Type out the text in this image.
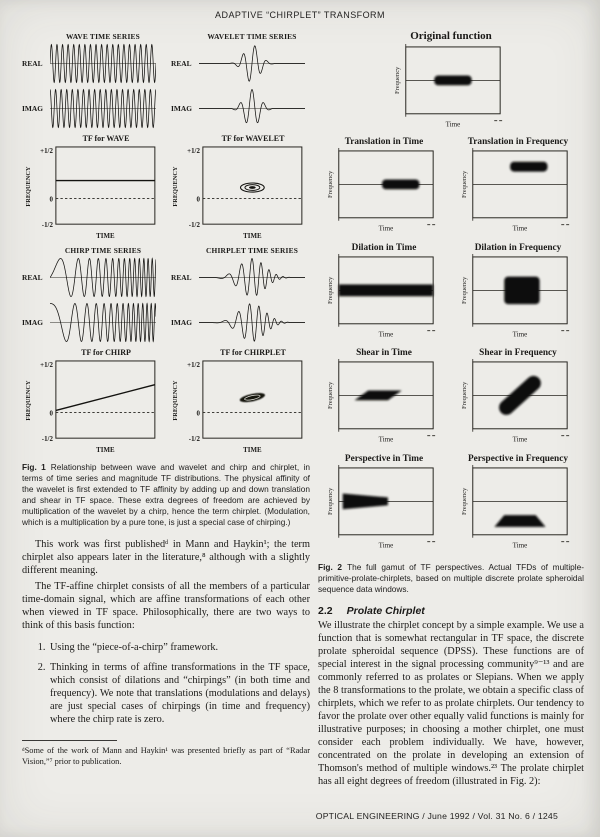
ADAPTIVE “CHIRPLET” TRANSFORM
WAVE TIME SERIES
REAL
IMAG
WAVELET TIME SERIES
REAL
IMAG
TF for WAVE
+1/2
0
-1/2
FREQUENCY
TIME
TF for WAVELET
+1/2
0
-1/2
FREQUENCY
TIME
CHIRP TIME SERIES
REAL
IMAG
CHIRPLET TIME SERIES
REAL
IMAG
TF for CHIRP
+1/2
0
-1/2
FREQUENCY
TIME
TF for CHIRPLET
+1/2
0
-1/2
FREQUENCY
TIME

Fig. 1 Relationship between wave and wavelet and chirp and chirplet, in terms of time series and magnitude TF distributions. The physical affinity of the wavelet is first extended to TF affinity by adding up and down translation and shear in TF space. These extra degrees of freedom are achieved by multiplication of the wavelet by a chirp, hence the term chirplet. (Modulation, which is a multiplication by a pure tone, is just a special case of chirping.)

This work was first publishedᵈ in Mann and Haykin¹; the term chirplet also appears later in the literature,⁸ although with a slightly different meaning.

The TF-affine chirplet consists of all the members of a particular time-domain signal, which are affine transformations of each other when viewed in TF space. Philosophically, there are two ways to think of this basis function:

1. Using the “piece-of-a-chirp” framework.
2. Thinking in terms of affine transformations in the TF space, which consist of dilations and “chirpings” (in both time and frequency). We note that translations (modulations and delays) are just special cases of chirpings (in time and frequency) where the chirp rate is zero.

ᵈSome of the work of Mann and Haykin¹ was presented briefly as part of “Radar Vision,”⁷ prior to publication.

Original function
Frequency
Time
Translation in Time
Frequency
Time
Translation in Frequency
Frequency
Time
Dilation in Time
Frequency
Time
Dilation in Frequency
Frequency
Time
Shear in Time
Frequency
Time
Shear in Frequency
Frequency
Time
Perspective in Time
Frequency
Time
Perspective in Frequency
Frequency
Time

Fig. 2 The full gamut of TF perspectives. Actual TFDs of multiple-primitive-prolate-chirplets, based on multiple discrete prolate spheroidal sequence data windows.

2.2 Prolate Chirplet

We illustrate the chirplet concept by a simple example. We use a function that is somewhat rectangular in TF space, the discrete prolate spheroidal sequence (DPSS). These functions are of special interest in the signal processing community⁹⁻¹³ and are commonly referred to as prolates or Slepians. When we apply the 8 transformations to the prolate, we obtain a specific class of chirplets, which we refer to as prolate chirplets. Our tendency to favor the prolate over other equally valid functions is mainly for illustrative purposes; in choosing a mother chirplet, one must consider each problem individually. We have, however, concentrated on the prolate in developing an extension of Thomson's method of multiple windows.²³ The prolate chirplet has all eight degrees of freedom (illustrated in Fig. 2):

OPTICAL ENGINEERING / June 1992 / Vol. 31 No. 6 / 1245
